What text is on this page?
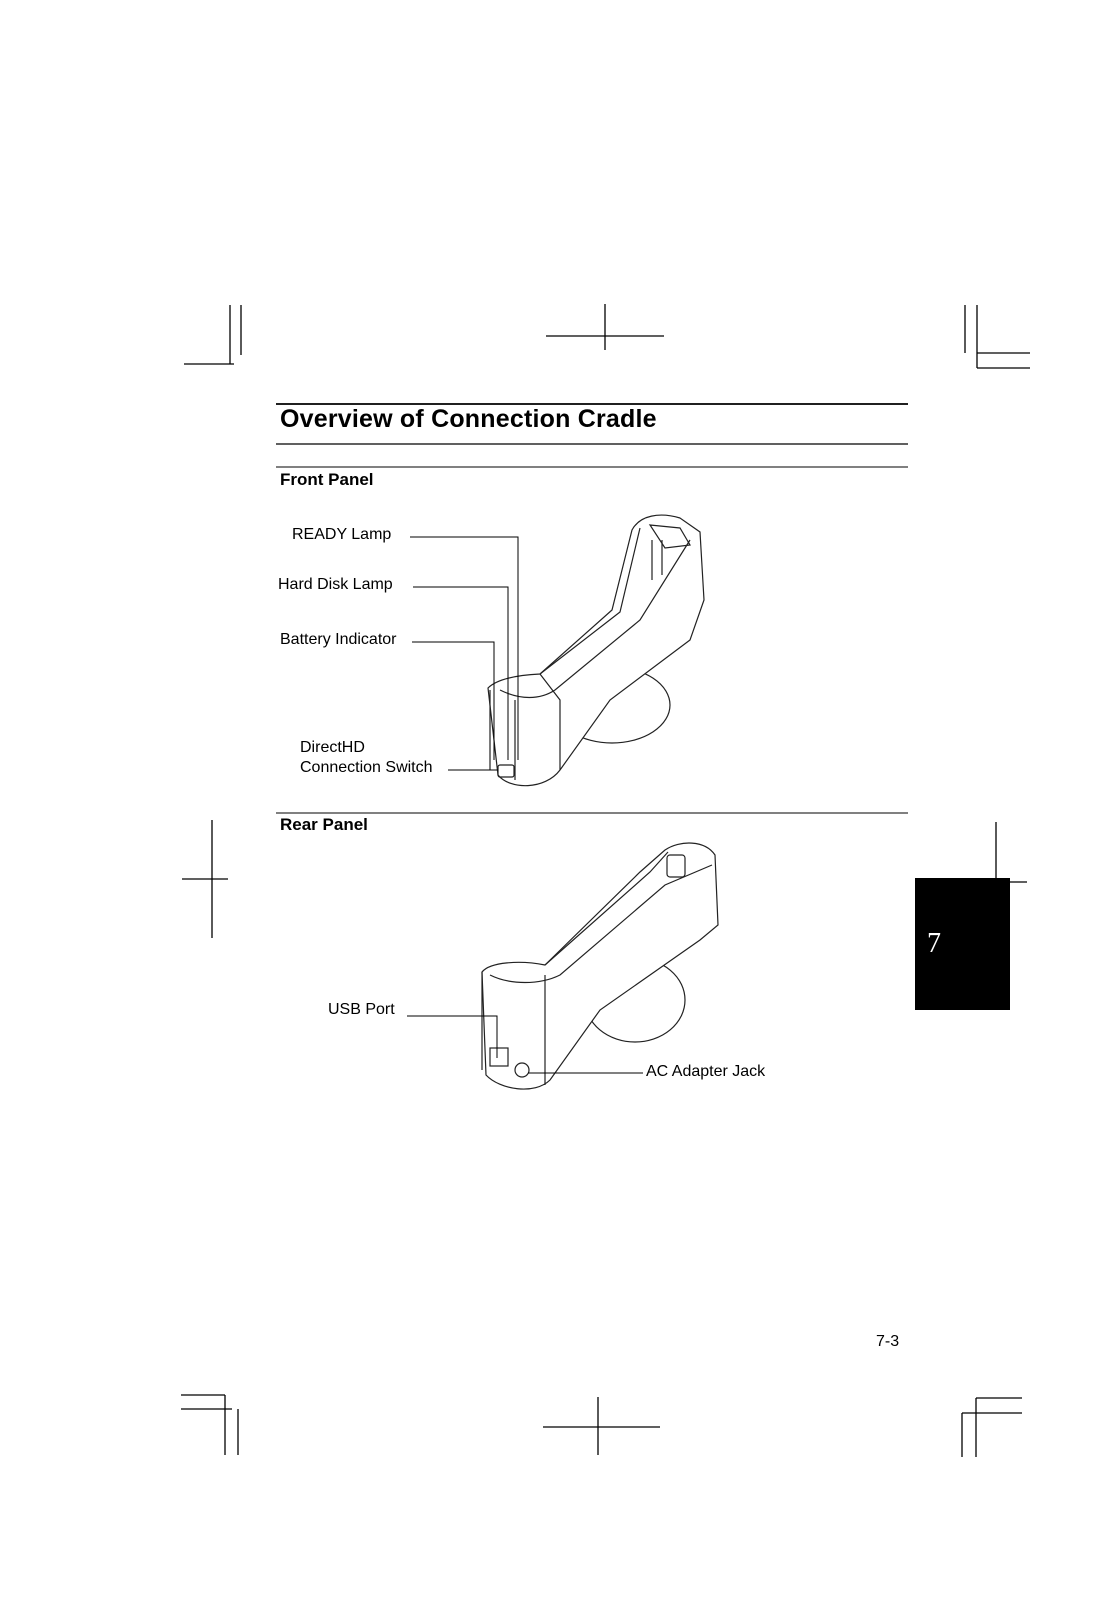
Overview of Connection Cradle
Front Panel
READY Lamp
Hard Disk Lamp
Battery Indicator
DirectHD
Connection Switch
Rear Panel
USB Port
AC Adapter Jack
7
7-3
